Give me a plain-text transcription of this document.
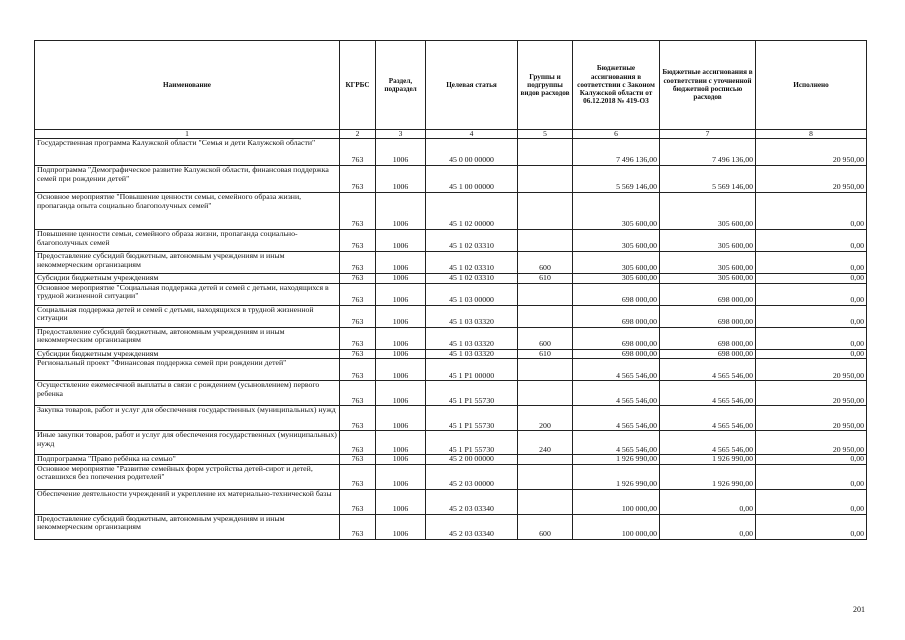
Наименование	КГРБС	Раздел, подраздел	Целевая статья	Группы и подгруппы видов расходов	Бюджетные ассигнования в соответствии с Законом Калужской области от 06.12.2018 № 419-ОЗ	Бюджетные ассигнования в соответствии с уточненной бюджетной росписью расходов	Исполнено
1	2	3	4	5	6	7	8
Государственная программа Калужской области "Семья и дети Калужской области"	763	1006	45 0 00 00000		7 496 136,00	7 496 136,00	20 950,00
Подпрограмма "Демографическое развитие Калужской области, финансовая поддержка семей при рождении детей"	763	1006	45 1 00 00000		5 569 146,00	5 569 146,00	20 950,00
Основное мероприятие "Повышение ценности семьи, семейного образа жизни, пропаганда опыта социально благополучных семей"	763	1006	45 1 02 00000		305 600,00	305 600,00	0,00
Повышение ценности семьи, семейного образа жизни, пропаганда социально-благополучных семей	763	1006	45 1 02 03310		305 600,00	305 600,00	0,00
Предоставление субсидий бюджетным, автономным учреждениям и иным некоммерческим организациям	763	1006	45 1 02 03310	600	305 600,00	305 600,00	0,00
Субсидии бюджетным учреждениям	763	1006	45 1 02 03310	610	305 600,00	305 600,00	0,00
Основное мероприятие "Социальная поддержка детей и семей с детьми, находящихся в трудной жизненной ситуации"	763	1006	45 1 03 00000		698 000,00	698 000,00	0,00
Социальная поддержка детей и семей с детьми, находящихся в трудной жизненной ситуации	763	1006	45 1 03 03320		698 000,00	698 000,00	0,00
Предоставление субсидий бюджетным, автономным учреждениям и иным некоммерческим организациям	763	1006	45 1 03 03320	600	698 000,00	698 000,00	0,00
Субсидии бюджетным учреждениям	763	1006	45 1 03 03320	610	698 000,00	698 000,00	0,00
Региональный проект "Финансовая поддержка семей при рождении детей"	763	1006	45 1 P1 00000		4 565 546,00	4 565 546,00	20 950,00
Осуществление ежемесячной выплаты в связи с рождением (усыновлением) первого ребенка	763	1006	45 1 P1 55730		4 565 546,00	4 565 546,00	20 950,00
Закупка товаров, работ и услуг для обеспечения государственных (муниципальных) нужд	763	1006	45 1 P1 55730	200	4 565 546,00	4 565 546,00	20 950,00
Иные закупки товаров, работ и услуг для обеспечения государственных (муниципальных) нужд	763	1006	45 1 P1 55730	240	4 565 546,00	4 565 546,00	20 950,00
Подпрограмма "Право ребёнка на семью"	763	1006	45 2 00 00000		1 926 990,00	1 926 990,00	0,00
Основное мероприятие "Развитие семейных форм устройства детей-сирот и детей, оставшихся без попечения родителей"	763	1006	45 2 03 00000		1 926 990,00	1 926 990,00	0,00
Обеспечение деятельности учреждений и укрепление их материально-технической базы	763	1006	45 2 03 03340		100 000,00	0,00	0,00
Предоставление субсидий бюджетным, автономным учреждениям и иным некоммерческим организациям	763	1006	45 2 03 03340	600	100 000,00	0,00	0,00
201
